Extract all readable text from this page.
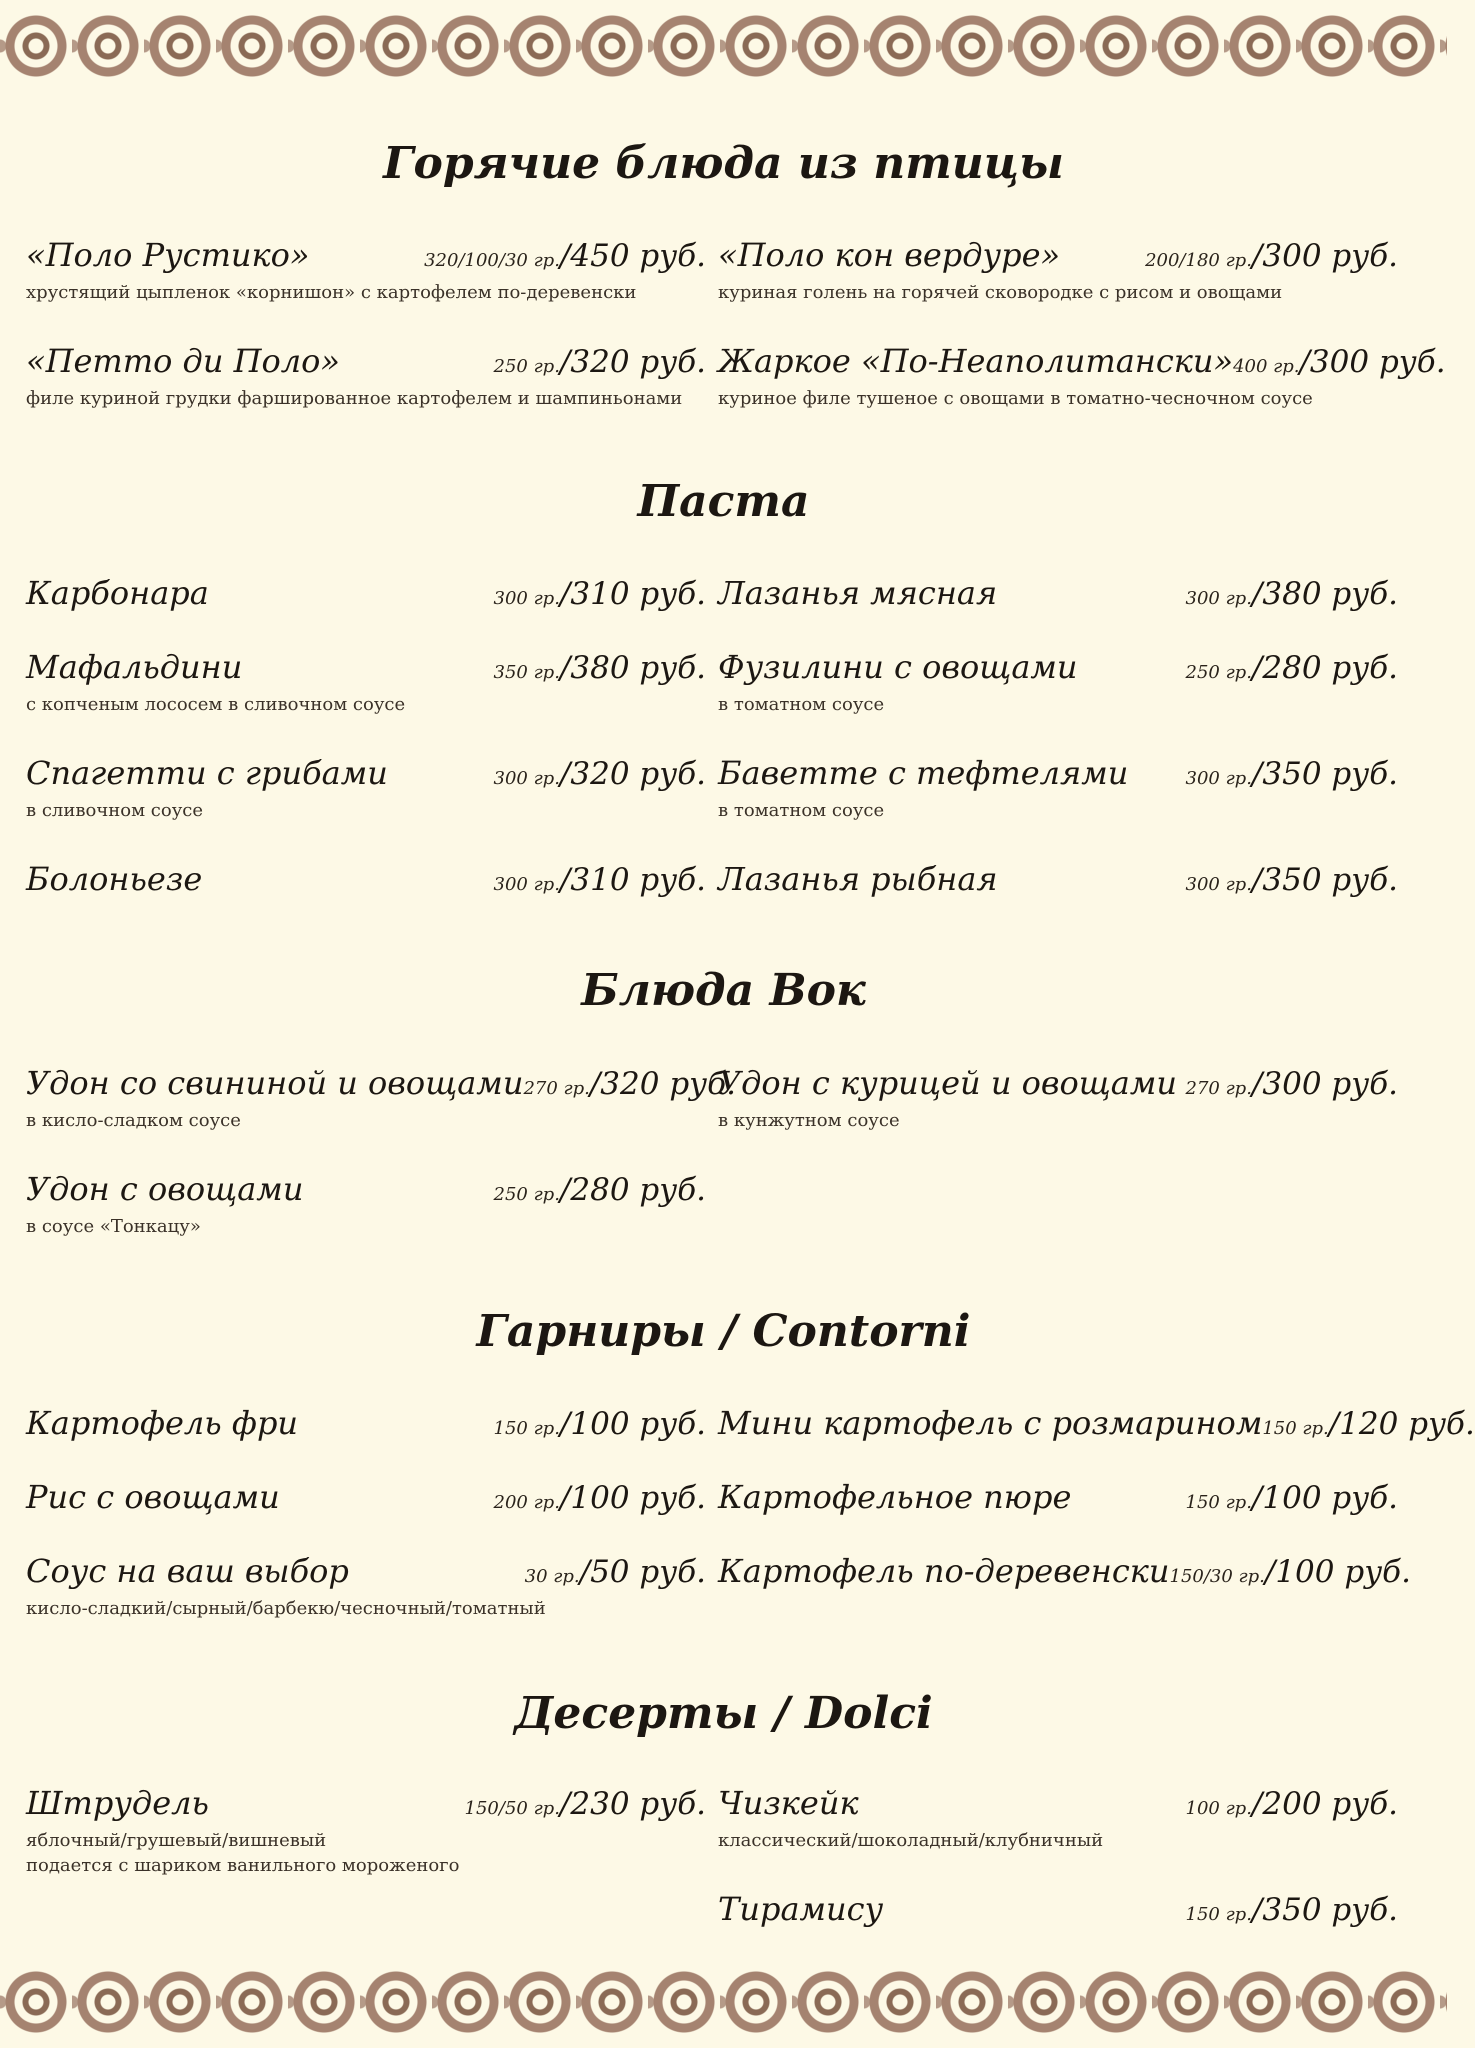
Горячие блюда из птицы
«Поло Рустико»	320/100/30 гр./450 руб.
хрустящий цыпленок «корнишон» с картофелем по-деревенски
«Петто ди Поло»	250 гр./320 руб.
филе куриной грудки фаршированное картофелем и шампиньонами
«Поло кон вердуре»	200/180 гр./300 руб.
куриная голень на горячей сковородке с рисом и овощами
Жаркое «По-Неаполитански» 400 гр./300 руб.
куриное филе тушеное с овощами в томатно-чесночном соусе
Паста
Карбонара	300 гр./310 руб.
Мафальдини	350 гр./380 руб.
с копченым лососем в сливочном соусе
Спагетти с грибами	300 гр./320 руб.
в сливочном соусе
Болоньезе	300 гр./310 руб.
Лазанья мясная	300 гр./380 руб.
Фузилини с овощами	250 гр./280 руб.
в томатном соусе
Баветте с тефтелями	300 гр./350 руб.
в томатном соусе
Лазанья рыбная	300 гр./350 руб.
Блюда Вок
Удон со свининой и овощами 270 гр./320 руб.
в кисло-сладком соусе
Удон с овощами	250 гр./280 руб.
в соусе «Тонкацу»
Удон с курицей и овощами 270 гр./300 руб.
в кунжутном соусе
Гарниры / Contorni
Картофель фри	150 гр./100 руб.
Рис с овощами	200 гр./100 руб.
Соус на ваш выбор	30 гр./50 руб.
кисло-сладкий/сырный/барбекю/чесночный/томатный
Мини картофель с розмарином 150 гр./120 руб.
Картофельное пюре	150 гр./100 руб.
Картофель по-деревенски 150/30 гр./100 руб.
Десерты / Dolci
Штрудель	150/50 гр./230 руб.
яблочный/грушевый/вишневый
подается с шариком ванильного мороженого
Чизкейк	100 гр./200 руб.
классический/шоколадный/клубничный
Тирамису	150 гр./350 руб.
